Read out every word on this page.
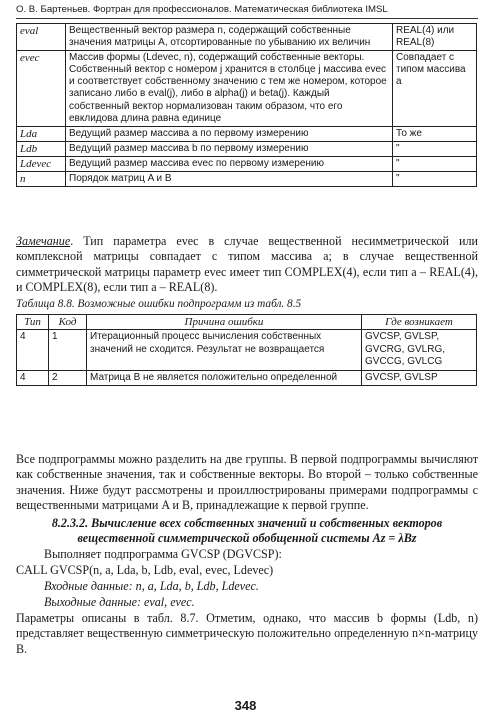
О. В. Бартеньев. Фортран для профессионалов. Математическая библиотека IMSL
eval	Вещественный вектор размера n, содержащий собственные значения матрицы A, отсортированные по убыванию их величин	REAL(4) или REAL(8)
evec	Массив формы (Ldevec, n), содержащий собственные векторы. Собственный вектор с номером j хранится в столбце j массива evec и соответствует собственному значению с тем же номером, которое записано либо в eval(j), либо в alpha(j) и beta(j). Каждый собственный вектор нормализован таким образом, что его евклидова длина равна единице	Совпадает с типом массива a
Lda	Ведущий размер массива a по первому измерению	То же
Ldb	Ведущий размер массива b по первому измерению	"
Ldevec	Ведущий размер массива evec по первому измерению	"
n	Порядок матриц A и B	"
Замечание. Тип параметра evec в случае вещественной несимметрической или комплексной матрицы совпадает с типом массива a; в случае вещественной симметрической матрицы параметр evec имеет тип COMPLEX(4), если тип a – REAL(4), и COMPLEX(8), если тип a – REAL(8).
Таблица 8.8. Возможные ошибки подпрограмм из табл. 8.5
Тип	Код	Причина ошибки	Где возникает
4	1	Итерационный процесс вычисления собственных значений не сходится. Результат не возвращается	GVCSP, GVLSP, GVCRG, GVLRG, GVCCG, GVLCG
4	2	Матрица B не является положительно определенной	GVCSP, GVLSP
Все подпрограммы можно разделить на две группы. В первой подпрограммы вычисляют как собственные значения, так и собственные векторы. Во второй – только собственные значения. Ниже будут рассмотрены и проиллюстрированы примерами подпрограммы с вещественными матрицами A и B, принадлежащие к первой группе.
8.2.3.2. Вычисление всех собственных значений и собственных векторов вещественной симметрической обобщенной системы Az = λBz
Выполняет подпрограмма GVCSP (DGVCSP):
CALL GVCSP(n, a, Lda, b, Ldb, eval, evec, Ldevec)
Входные данные: n, a, Lda, b, Ldb, Ldevec.
Выходные данные: eval, evec.
Параметры описаны в табл. 8.7. Отметим, однако, что массив b формы (Ldb, n) представляет вещественную симметрическую положительно определенную n×n-матрицу B.
348
